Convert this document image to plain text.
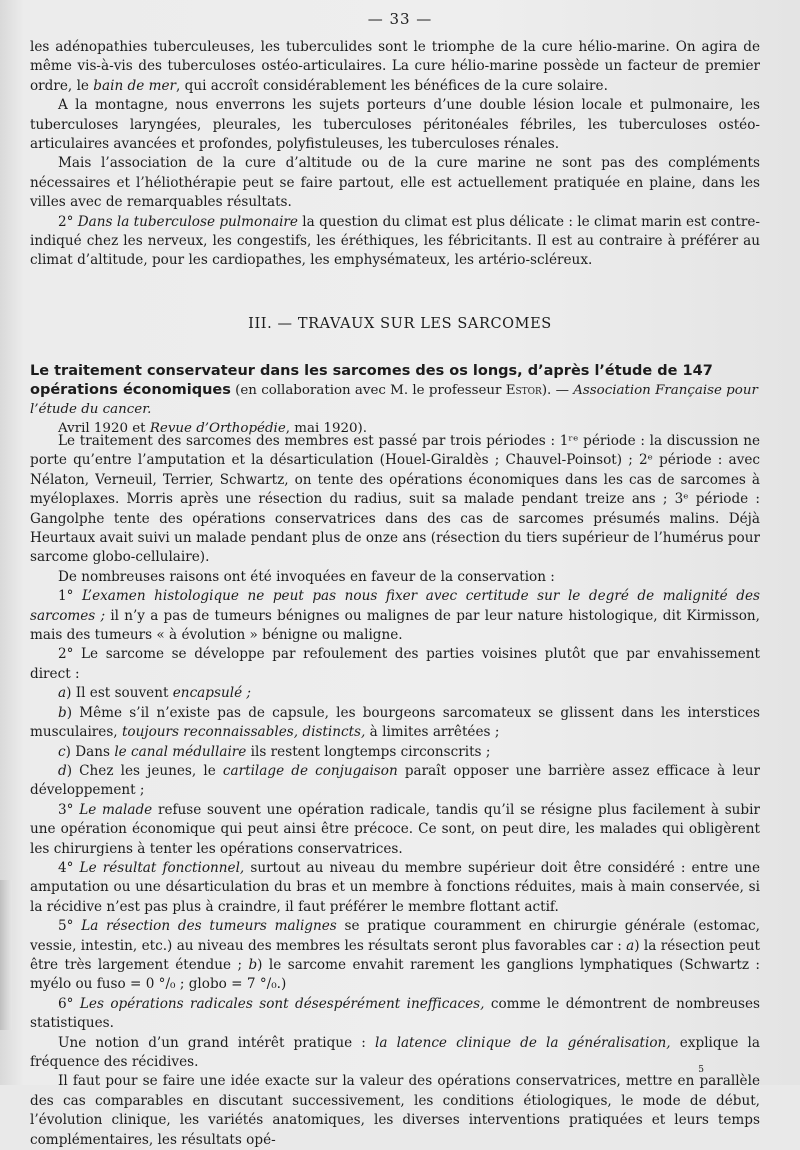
— 33 —

les adénopathies tuberculeuses, les tuberculides sont le triomphe de la cure hélio-marine. On agira de même vis-à-vis des tuberculoses ostéo-articulaires. La cure hélio-marine possède un facteur de premier ordre, le bain de mer, qui accroît considérablement les bénéfices de la cure solaire.

A la montagne, nous enverrons les sujets porteurs d’une double lésion locale et pulmonaire, les tuberculoses laryngées, pleurales, les tuberculoses péritonéales fébriles, les tuberculoses ostéo-articulaires avancées et profondes, polyfistuleuses, les tuberculoses rénales.

Mais l’association de la cure d’altitude ou de la cure marine ne sont pas des compléments nécessaires et l’héliothérapie peut se faire partout, elle est actuellement pratiquée en plaine, dans les villes avec de remarquables résultats.

2° Dans la tuberculose pulmonaire la question du climat est plus délicate : le climat marin est contre-indiqué chez les nerveux, les congestifs, les éréthiques, les fébricitants. Il est au contraire à préférer au climat d’altitude, pour les cardiopathes, les emphysémateux, les artério-scléreux.

III. — TRAVAUX SUR LES SARCOMES
Le traitement conservateur dans les sarcomes des os longs, d’après l’étude de 147 opérations économiques (en collaboration avec M. le professeur Estor). — Association Française pour l’étude du cancer.
Avril 1920 et Revue d’Orthopédie, mai 1920).

Le traitement des sarcomes des membres est passé par trois périodes : 1ʳᵉ période : la discussion ne porte qu’entre l’amputation et la désarticulation (Houel-Giraldès ; Chauvel-Poinsot) ; 2ᵉ période : avec Nélaton, Verneuil, Terrier, Schwartz, on tente des opérations économiques dans les cas de sarcomes à myéloplaxes. Morris après une résection du radius, suit sa malade pendant treize ans ; 3ᵉ période : Gangolphe tente des opérations conservatrices dans des cas de sarcomes présumés malins. Déjà Heurtaux avait suivi un malade pendant plus de onze ans (résection du tiers supérieur de l’humérus pour sarcome globo-cellulaire).

De nombreuses raisons ont été invoquées en faveur de la conservation :

1° L’examen histologique ne peut pas nous fixer avec certitude sur le degré de malignité des sarcomes ; il n’y a pas de tumeurs bénignes ou malignes de par leur nature histologique, dit Kirmisson, mais des tumeurs « à évolution » bénigne ou maligne.

2° Le sarcome se développe par refoulement des parties voisines plutôt que par envahissement direct :

a) Il est souvent encapsulé ;

b) Même s’il n’existe pas de capsule, les bourgeons sarcomateux se glissent dans les interstices musculaires, toujours reconnaissables, distincts, à limites arrêtées ;

c) Dans le canal médullaire ils restent longtemps circonscrits ;

d) Chez les jeunes, le cartilage de conjugaison paraît opposer une barrière assez efficace à leur développement ;

3° Le malade refuse souvent une opération radicale, tandis qu’il se résigne plus facilement à subir une opération économique qui peut ainsi être précoce. Ce sont, on peut dire, les malades qui obligèrent les chirurgiens à tenter les opérations conservatrices.

4° Le résultat fonctionnel, surtout au niveau du membre supérieur doit être considéré : entre une amputation ou une désarticulation du bras et un membre à fonctions réduites, mais à main conservée, si la récidive n’est pas plus à craindre, il faut préférer le membre flottant actif.

5° La résection des tumeurs malignes se pratique couramment en chirurgie générale (estomac, vessie, intestin, etc.) au niveau des membres les résultats seront plus favorables car : a) la résection peut être très largement étendue ; b) le sarcome envahit rarement les ganglions lymphatiques (Schwartz : myélo ou fuso = 0 °/₀ ; globo = 7 °/₀.)

6° Les opérations radicales sont désespérément inefficaces, comme le démontrent de nombreuses statistiques.

Une notion d’un grand intérêt pratique : la latence clinique de la généralisation, explique la fréquence des récidives.

Il faut pour se faire une idée exacte sur la valeur des opérations conservatrices, mettre en parallèle des cas comparables en discutant successivement, les conditions étiologiques, le mode de début, l’évolution clinique, les variétés anatomiques, les diverses interventions pratiquées et leurs temps complémentaires, les résultats opé-

5
